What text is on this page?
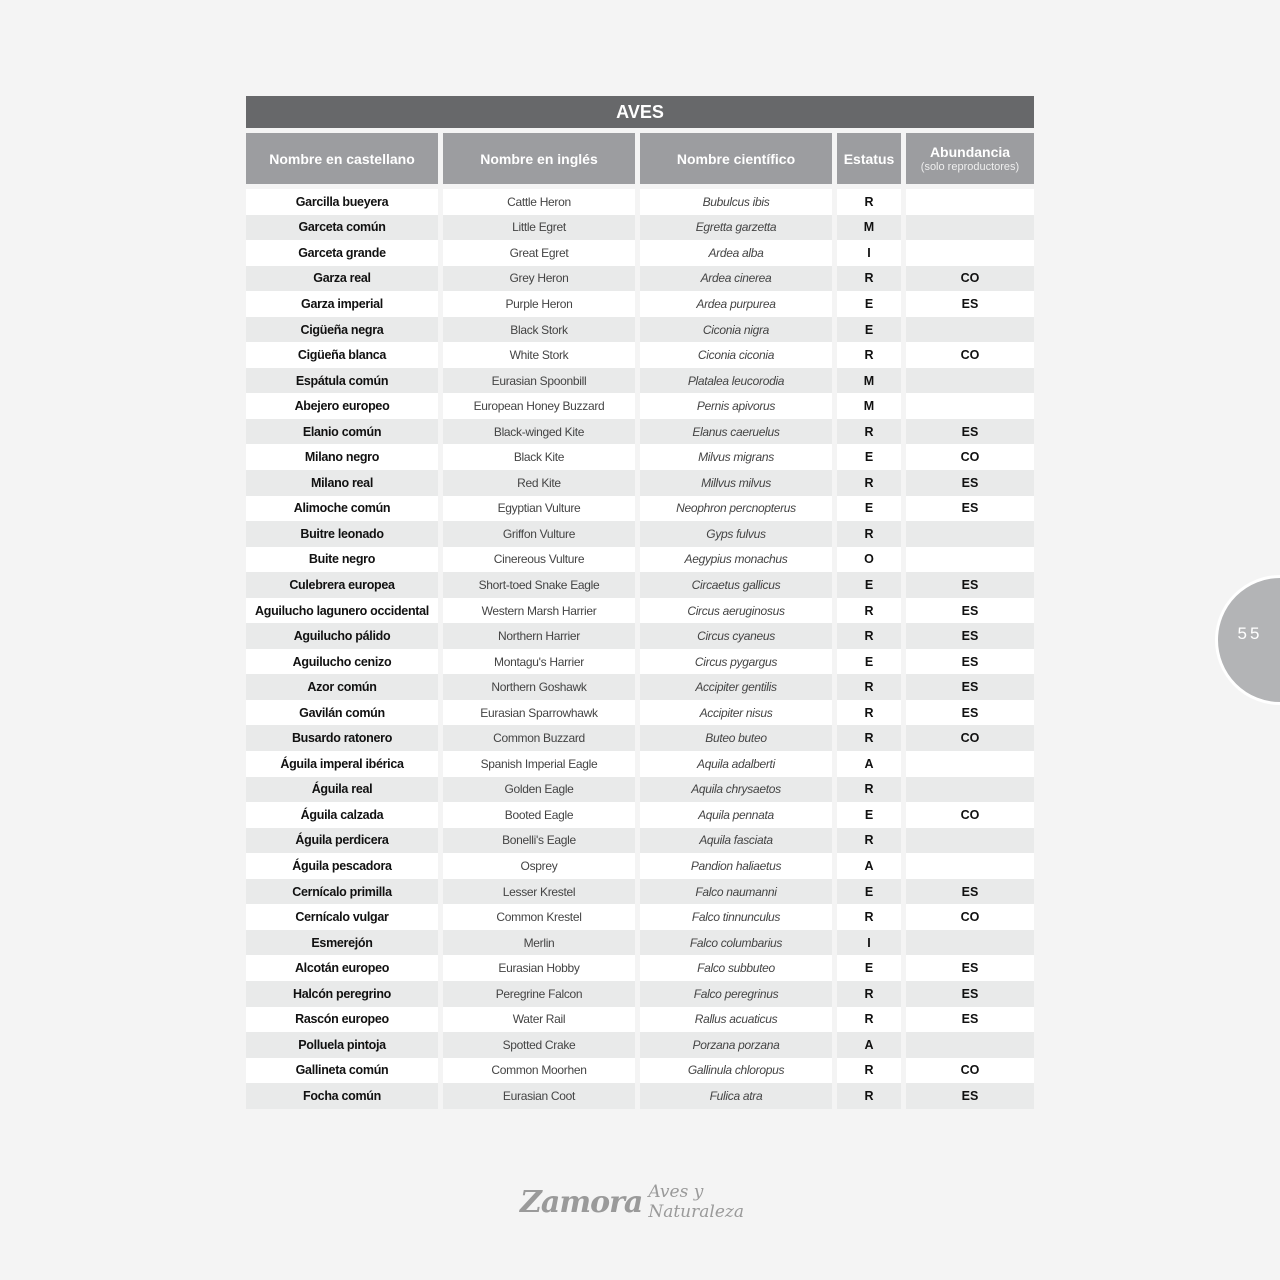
AVES
Nombre en castellano	Nombre en inglés	Nombre científico	Estatus	Abundancia
(solo reproductores)
Garcilla bueyera	Cattle Heron	Bubulcus ibis	R
Garceta común	Little Egret	Egretta garzetta	M
Garceta grande	Great Egret	Ardea alba	I
Garza real	Grey Heron	Ardea cinerea	R	CO
Garza imperial	Purple Heron	Ardea purpurea	E	ES
Cigüeña negra	Black Stork	Ciconia nigra	E
Cigüeña blanca	White Stork	Ciconia ciconia	R	CO
Espátula común	Eurasian Spoonbill	Platalea leucorodia	M
Abejero europeo	European Honey Buzzard	Pernis apivorus	M
Elanio común	Black-winged Kite	Elanus caeruelus	R	ES
Milano negro	Black Kite	Milvus migrans	E	CO
Milano real	Red Kite	Millvus milvus	R	ES
Alimoche común	Egyptian Vulture	Neophron percnopterus	E	ES
Buitre leonado	Griffon Vulture	Gyps fulvus	R
Buite negro	Cinereous Vulture	Aegypius monachus	O
Culebrera europea	Short-toed Snake Eagle	Circaetus gallicus	E	ES
Aguilucho lagunero occidental	Western Marsh Harrier	Circus aeruginosus	R	ES
Aguilucho pálido	Northern Harrier	Circus cyaneus	R	ES
Aguilucho cenizo	Montagu's Harrier	Circus pygargus	E	ES
Azor común	Northern Goshawk	Accipiter gentilis	R	ES
Gavilán común	Eurasian Sparrowhawk	Accipiter nisus	R	ES
Busardo ratonero	Common Buzzard	Buteo buteo	R	CO
Águila imperal ibérica	Spanish Imperial Eagle	Aquila adalberti	A
Águila real	Golden Eagle	Aquila chrysaetos	R
Águila calzada	Booted Eagle	Aquila pennata	E	CO
Águila perdicera	Bonelli's Eagle	Aquila fasciata	R
Águila pescadora	Osprey	Pandion haliaetus	A
Cernícalo primilla	Lesser Krestel	Falco naumanni	E	ES
Cernícalo vulgar	Common Krestel	Falco tinnunculus	R	CO
Esmerejón	Merlin	Falco columbarius	I
Alcotán europeo	Eurasian Hobby	Falco subbuteo	E	ES
Halcón peregrino	Peregrine Falcon	Falco peregrinus	R	ES
Rascón europeo	Water Rail	Rallus acuaticus	R	ES
Polluela pintoja	Spotted Crake	Porzana porzana	A
Gallineta común	Common Moorhen	Gallinula chloropus	R	CO
Focha común	Eurasian Coot	Fulica atra	R	ES
55
Zamora Aves y Naturaleza
